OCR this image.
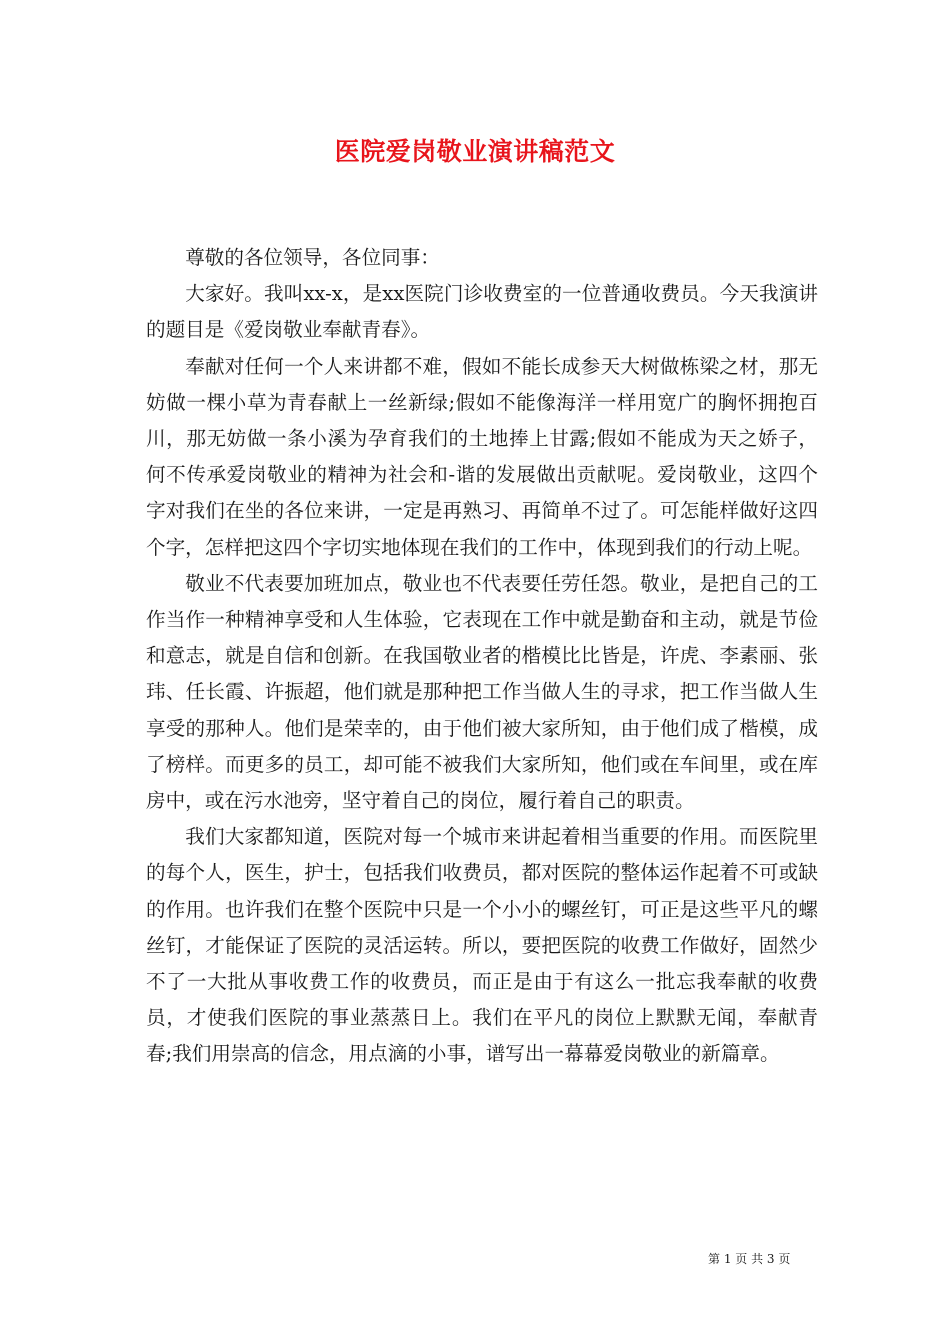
医院爱岗敬业演讲稿范文

尊敬的各位领导，各位同事：

大家好。我叫xx-x，是xx医院门诊收费室的一位普通收费员。今天我演讲的题目是《爱岗敬业奉献青春》。

奉献对任何一个人来讲都不难，假如不能长成参天大树做栋梁之材，那无妨做一棵小草为青春献上一丝新绿;假如不能像海洋一样用宽广的胸怀拥抱百川，那无妨做一条小溪为孕育我们的土地捧上甘露;假如不能成为天之娇子，何不传承爱岗敬业的精神为社会和-谐的发展做出贡献呢。爱岗敬业，这四个字对我们在坐的各位来讲，一定是再熟习、再简单不过了。可怎能样做好这四个字，怎样把这四个字切实地体现在我们的工作中，体现到我们的行动上呢。

敬业不代表要加班加点，敬业也不代表要任劳任怨。敬业，是把自己的工作当作一种精神享受和人生体验，它表现在工作中就是勤奋和主动，就是节俭和意志，就是自信和创新。在我国敬业者的楷模比比皆是，许虎、李素丽、张玮、任长霞、许振超，他们就是那种把工作当做人生的寻求，把工作当做人生享受的那种人。他们是荣幸的，由于他们被大家所知，由于他们成了楷模，成了榜样。而更多的员工，却可能不被我们大家所知，他们或在车间里，或在库房中，或在污水池旁，坚守着自己的岗位，履行着自己的职责。

我们大家都知道，医院对每一个城市来讲起着相当重要的作用。而医院里的每个人，医生，护士，包括我们收费员，都对医院的整体运作起着不可或缺的作用。也许我们在整个医院中只是一个小小的螺丝钉，可正是这些平凡的螺丝钉，才能保证了医院的灵活运转。所以，要把医院的收费工作做好，固然少不了一大批从事收费工作的收费员，而正是由于有这么一批忘我奉献的收费员，才使我们医院的事业蒸蒸日上。我们在平凡的岗位上默默无闻，奉献青春;我们用崇高的信念，用点滴的小事，谱写出一幕幕爱岗敬业的新篇章。

第 1 页 共 3 页
